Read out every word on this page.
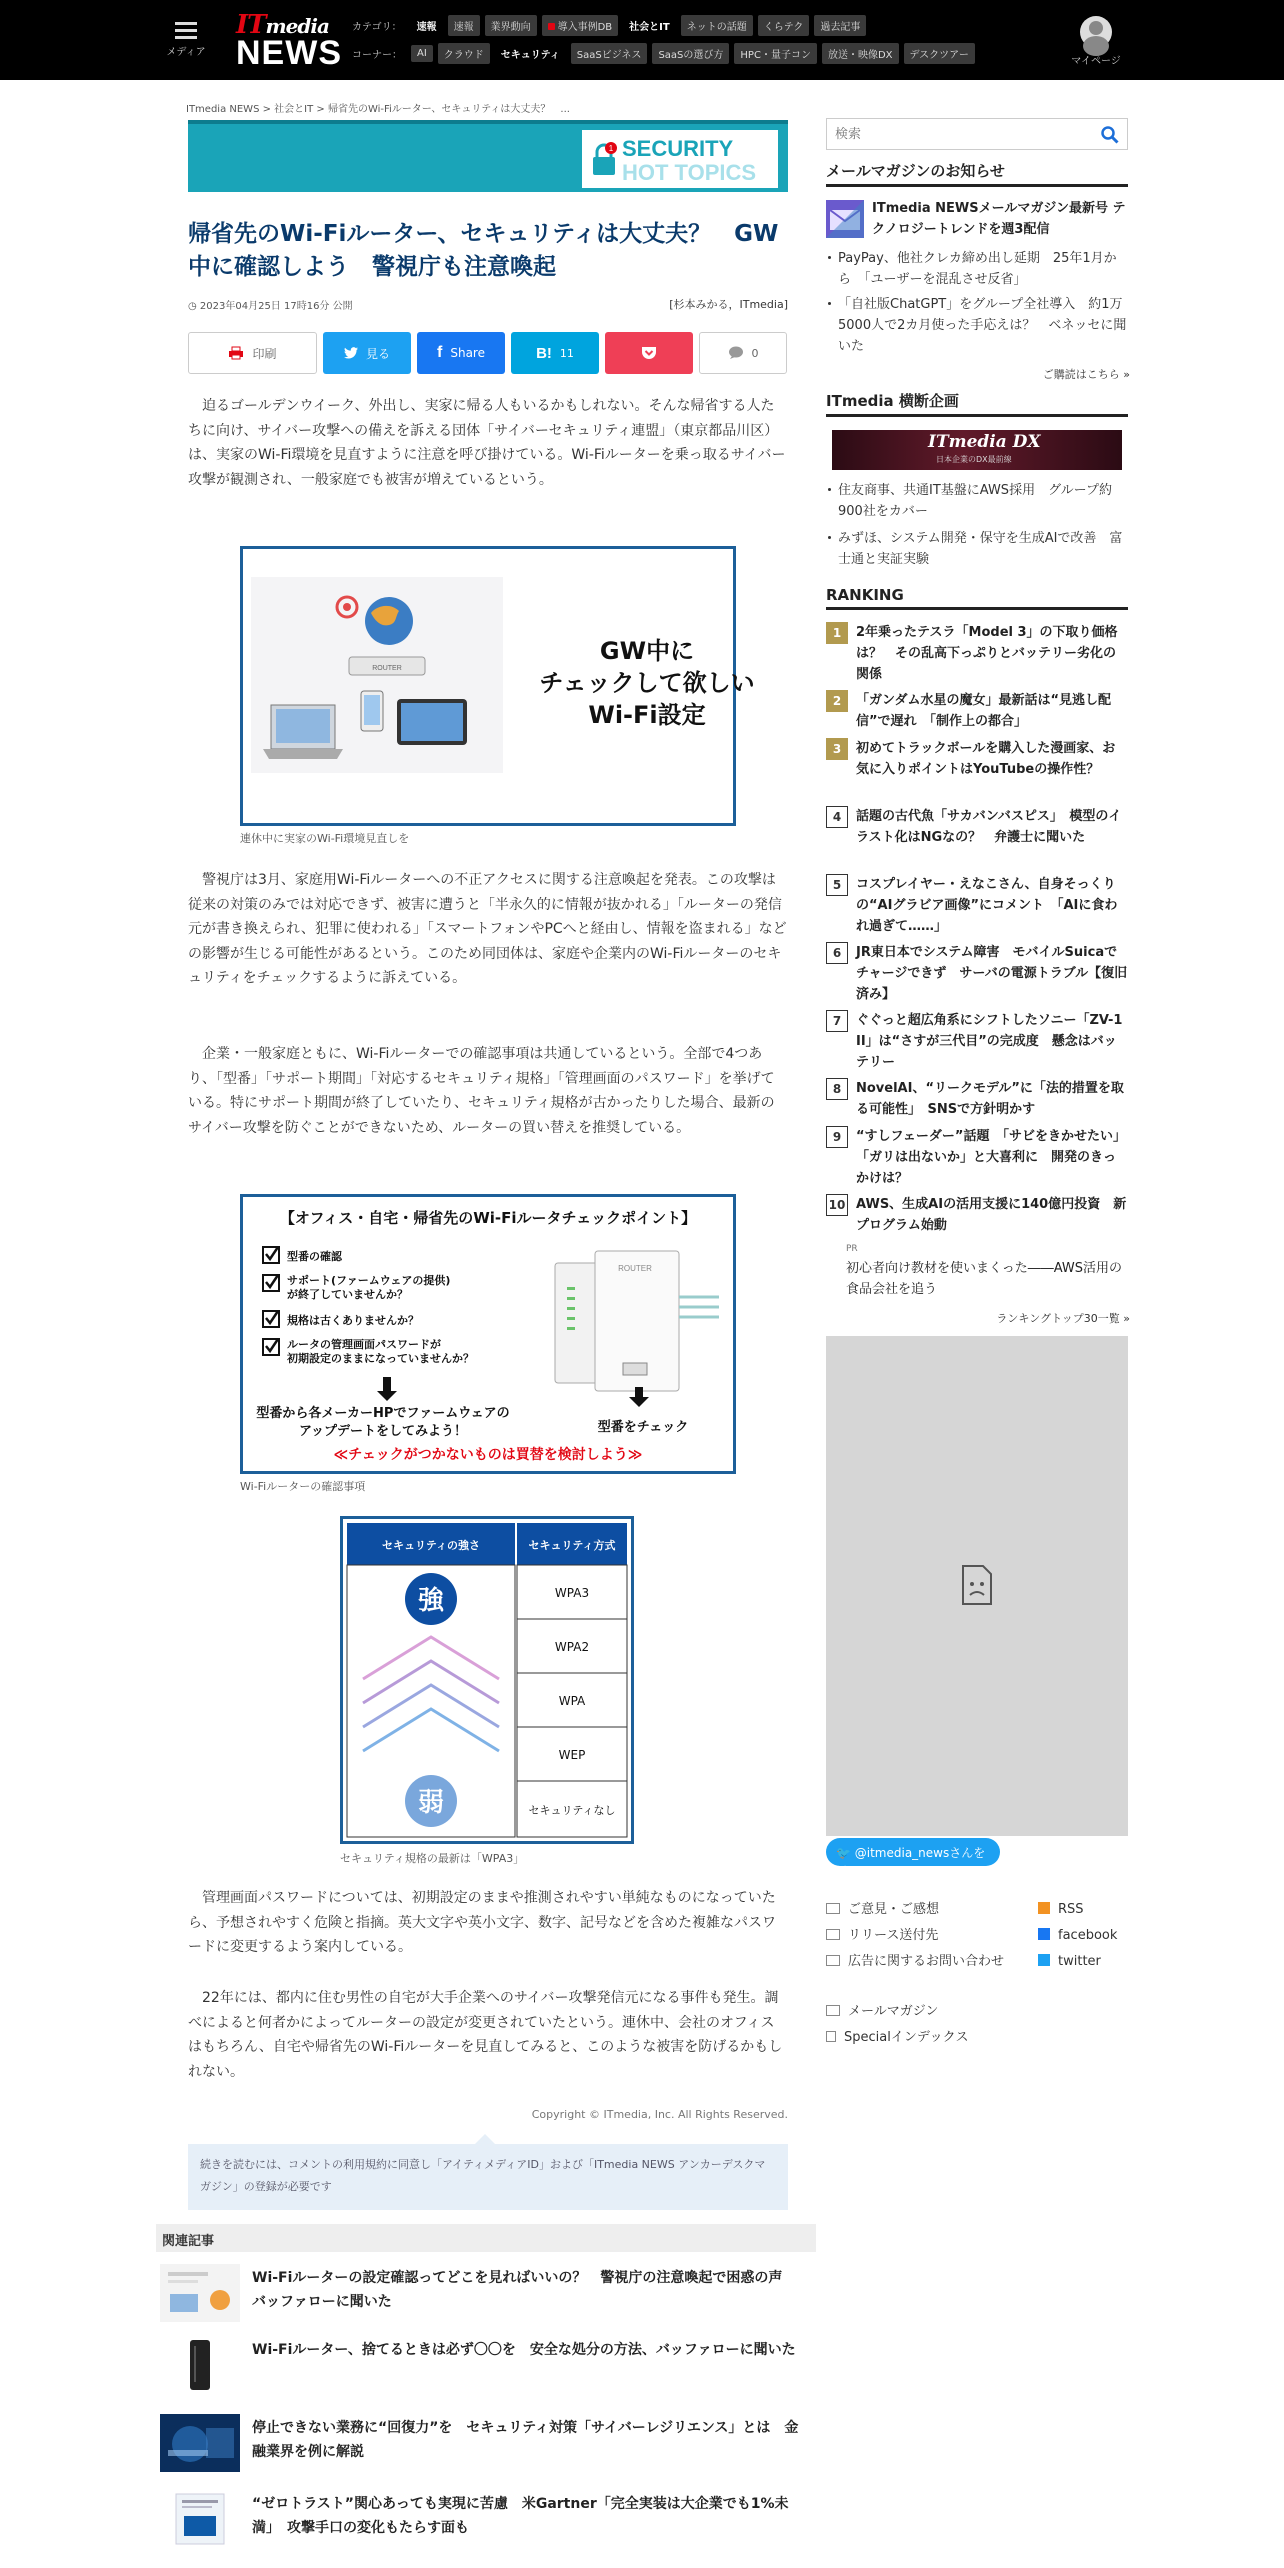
メディア
ITmedia
NEWS
カテゴリ：	速報	速報	業界動向	導入事例DB	社会とIT	ネットの話題	くらテク	過去記事
コーナー：	AI	クラウド	セキュリティ	SaaSビジネス	SaaSの選び方	HPC・量子コン	放送・映像DX	デスクツアー
マイページ
ITmedia NEWS > 社会とIT > 帰省先のWi-Fiルーター、セキュリティは大丈夫？　...
1 SECURITY
HOT TOPICS
帰省先のWi-Fiルーター、セキュリティは大丈夫？　GW中に確認しよう　警視庁も注意喚起
◷ 2023年04月25日 17時16分 公開	[杉本みかる，ITmedia]
印刷	見る	f Share	B! 11	0
迫るゴールデンウイーク、外出し、実家に帰る人もいるかもしれない。そんな帰省する人たちに向け、サイバー攻撃への備えを訴える団体「サイバーセキュリティ連盟」（東京都品川区）は、実家のWi-Fi環境を見直すように注意を呼び掛けている。Wi-Fiルーターを乗っ取るサイバー攻撃が観測され、一般家庭でも被害が増えているという。
ROUTER
GW中に
チェックして欲しい
Wi-Fi設定
連休中に実家のWi-Fi環境見直しを
警視庁は3月、家庭用Wi-Fiルーターへの不正アクセスに関する注意喚起を発表。この攻撃は従来の対策のみでは対応できず、被害に遭うと「半永久的に情報が抜かれる」「ルーターの発信元が書き換えられ、犯罪に使われる」「スマートフォンやPCへと経由し、情報を盗まれる」などの影響が生じる可能性があるという。このため同団体は、家庭や企業内のWi-Fiルーターのセキュリティをチェックするように訴えている。
企業・一般家庭ともに、Wi-Fiルーターでの確認事項は共通しているという。全部で4つあり、「型番」「サポート期間」「対応するセキュリティ規格」「管理画面のパスワード」を挙げている。特にサポート期間が終了していたり、セキュリティ規格が古かったりした場合、最新のサイバー攻撃を防ぐことができないため、ルーターの買い替えを推奨している。
【オフィス・自宅・帰省先のWi-Fiルータチェックポイント】
型番の確認
サポート(ファームウェアの提供)が終了していませんか？
規格は古くありませんか？
ルータの管理画面パスワードが初期設定のままになっていませんか？
型番から各メーカーHPでファームウェアのアップデートをしてみよう！
ROUTER
型番をチェック
≪チェックがつかないものは買替を検討しよう≫
Wi-Fiルーターの確認事項
セキュリティの強さ	セキュリティ方式
WPA3
WPA2
WPA
WEP
セキュリティなし
強
弱
セキュリティ規格の最新は「WPA3」
管理画面パスワードについては、初期設定のままや推測されやすい単純なものになっていたら、予想されやすく危険と指摘。英大文字や英小文字、数字、記号などを含めた複雑なパスワードに変更するよう案内している。
22年には、都内に住む男性の自宅が大手企業へのサイバー攻撃発信元になる事件も発生。調べによると何者かによってルーターの設定が変更されていたという。連休中、会社のオフィスはもちろん、自宅や帰省先のWi-Fiルーターを見直してみると、このような被害を防げるかもしれない。
Copyright © ITmedia, Inc. All Rights Reserved.
続きを読むには、コメントの利用規約に同意し「アイティメディアID」および「ITmedia NEWS アンカーデスクマガジン」の登録が必要です
関連記事
Wi-Fiルーターの設定確認ってどこを見ればいいの？　警視庁の注意喚起で困惑の声　バッファローに聞いた
Wi-Fiルーター、捨てるときは必ず〇〇を　安全な処分の方法、バッファローに聞いた
停止できない業務に“回復力”を　セキュリティ対策「サイバーレジリエンス」とは　金融業界を例に解説
“ゼロトラスト”関心あっても実現に苦慮　米Gartner「完全実装は大企業でも1%未満」　攻撃手口の変化もたらす面も
検索
メールマガジンのお知らせ
ITmedia NEWSメールマガジン最新号 テクノロジートレンドを週3配信
PayPay、他社クレカ締め出し延期　25年1月から　「ユーザーを混乱させ反省」
「自社版ChatGPT」をグループ全社導入　約1万5000人で2カ月使った手応えは？　ベネッセに聞いた
ご購読はこちら »
ITmedia 横断企画
ITmedia DX
日本企業のDX最前線
住友商事、共通IT基盤にAWS採用　グループ約900社をカバー
みずほ、システム開発・保守を生成AIで改善　富士通と実証実験
RANKING
1	2年乗ったテスラ「Model 3」の下取り価格は？　その乱高下っぷりとバッテリー劣化の関係
2	「ガンダム水星の魔女」最新話は“見逃し配信”で遅れ　「制作上の都合」
3	初めてトラックボールを購入した漫画家、お気に入りポイントはYouTubeの操作性？
4	話題の古代魚「サカバンバスピス」　模型のイラスト化はNGなの？　弁護士に聞いた
5	コスプレイヤー・えなこさん、自身そっくりの“AIグラビア画像”にコメント　「AIに食われ過ぎて……」
6	JR東日本でシステム障害　モバイルSuicaでチャージできず　サーバの電源トラブル【復旧済み】
7	ぐぐっと超広角系にシフトしたソニー「ZV-1 II」は“さすが三代目”の完成度　懸念はバッテリー
8	NovelAI、“リークモデル”に「法的措置を取る可能性」　SNSで方針明かす
9	“すしフェーダー”話題　「サビをきかせたい」「ガリは出ないか」と大喜利に　開発のきっかけは？
10 AWS、生成AIの活用支援に140億円投資　新プログラム始動
PR
初心者向け教材を使いまくった――AWS活用の食品会社を追う
ランキングトップ30一覧 »
🐦 @itmedia_newsさんをフォロー
ご意見・ご感想
リリース送付先
広告に関するお問い合わせ
メールマガジン
Specialインデックス
RSS
facebook
twitter
